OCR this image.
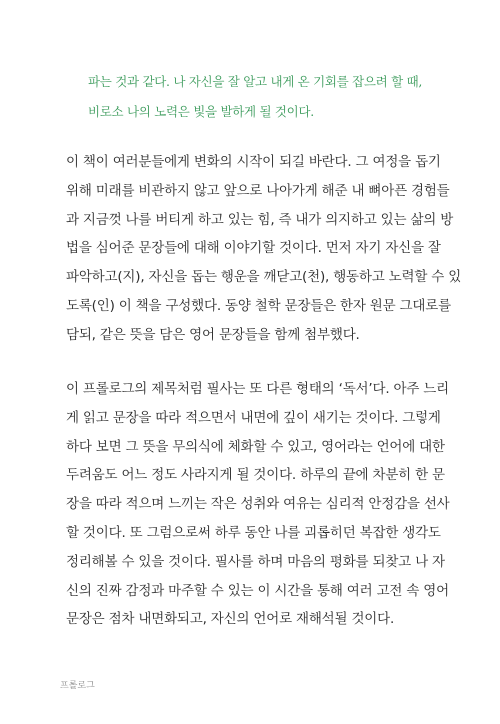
파는 것과 같다. 나 자신을 잘 알고 내게 온 기회를 잡으려 할 때,
비로소 나의 노력은 빛을 발하게 될 것이다.
이 책이 여러분들에게 변화의 시작이 되길 바란다. 그 여정을 돕기
위해 미래를 비관하지 않고 앞으로 나아가게 해준 내 뼈아픈 경험들
과 지금껏 나를 버티게 하고 있는 힘, 즉 내가 의지하고 있는 삶의 방
법을 심어준 문장들에 대해 이야기할 것이다. 먼저 자기 자신을 잘
파악하고(지), 자신을 돕는 행운을 깨닫고(천), 행동하고 노력할 수 있
도록(인) 이 책을 구성했다. 동양 철학 문장들은 한자 원문 그대로를
담되, 같은 뜻을 담은 영어 문장들을 함께 첨부했다.
이 프롤로그의 제목처럼 필사는 또 다른 형태의 ‘독서’다. 아주 느리
게 읽고 문장을 따라 적으면서 내면에 깊이 새기는 것이다. 그렇게
하다 보면 그 뜻을 무의식에 체화할 수 있고, 영어라는 언어에 대한
두려움도 어느 정도 사라지게 될 것이다. 하루의 끝에 차분히 한 문
장을 따라 적으며 느끼는 작은 성취와 여유는 심리적 안정감을 선사
할 것이다. 또 그럼으로써 하루 동안 나를 괴롭히던 복잡한 생각도
정리해볼 수 있을 것이다. 필사를 하며 마음의 평화를 되찾고 나 자
신의 진짜 감정과 마주할 수 있는 이 시간을 통해 여러 고전 속 영어
문장은 점차 내면화되고, 자신의 언어로 재해석될 것이다.
프롤로그
